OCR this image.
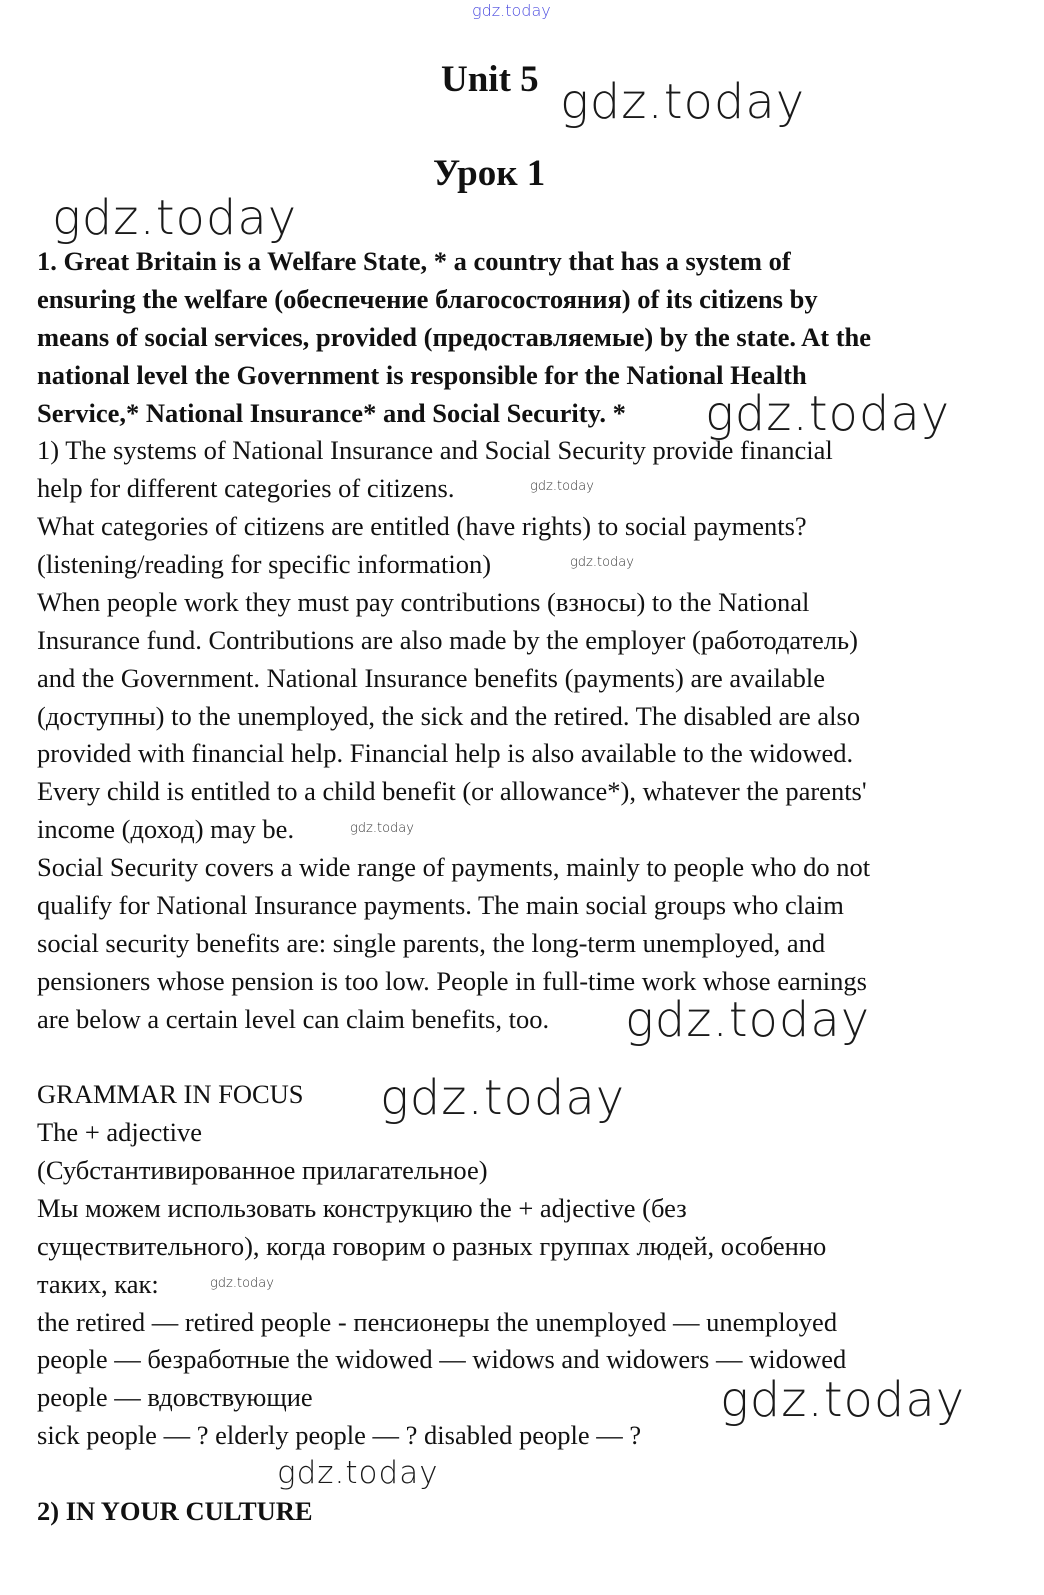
gdz.today
Unit 5
Урок 1
1. Great Britain is a Welfare State, * a country that has a system of
ensuring the welfare (обеспечение благосостояния) of its citizens by
means of social services, provided (предоставляемые) by the state. At the
national level the Government is responsible for the National Health
Service,* National Insurance* and Social Security. *
1) The systems of National Insurance and Social Security provide financial
help for different categories of citizens.
What categories of citizens are entitled (have rights) to social payments?
(listening/reading for specific information)
When people work they must pay contributions (взносы) to the National
Insurance fund. Contributions are also made by the employer (работодатель)
and the Government. National Insurance benefits (payments) are available
(доступны) to the unemployed, the sick and the retired. The disabled are also
provided with financial help. Financial help is also available to the widowed.
Every child is entitled to a child benefit (or allowance*), whatever the parents'
income (доход) may be.
Social Security covers a wide range of payments, mainly to people who do not
qualify for National Insurance payments. The main social groups who claim
social security benefits are: single parents, the long-term unemployed, and
pensioners whose pension is too low. People in full-time work whose earnings
are below a certain level can claim benefits, too.
GRAMMAR IN FOCUS
The + adjective
(Субстантивированное прилагательное)
Мы можем использовать конструкцию the + adjective (без
существительного), когда говорим о разных группах людей, особенно
таких, как:
the retired — retired people - пенсионеры the unemployed — unemployed
people — безработные the widowed — widows and widowers — widowed
people — вдовствующие
sick people — ? elderly people — ? disabled people — ?
2) IN YOUR CULTURE
gdz.today
gdz.today
gdz.today
gdz.today
gdz.today
gdz.today
gdz.today
gdz.today
gdz.today
gdz.today
gdz.today
